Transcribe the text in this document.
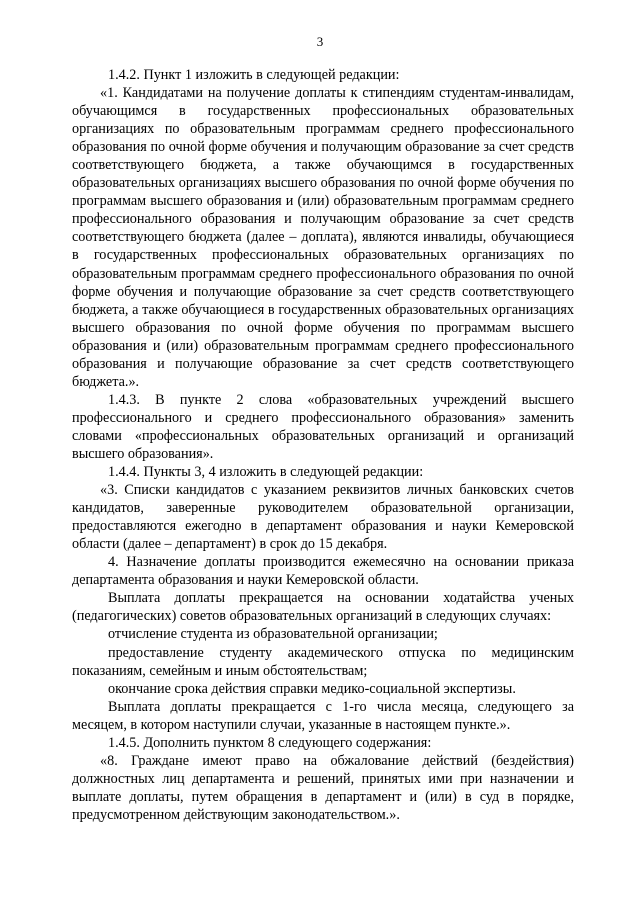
3

1.4.2. Пункт 1 изложить в следующей редакции:

«1. Кандидатами на получение доплаты к стипендиям студентам-инвалидам, обучающимся в государственных профессиональных образовательных организациях по образовательным программам среднего профессионального образования по очной форме обучения и получающим образование за счет средств соответствующего бюджета, а также обучающимся в государственных образовательных организациях высшего образования по очной форме обучения по программам высшего образования и (или) образовательным программам среднего профессионального образования и получающим образование за счет средств соответствующего бюджета (далее – доплата), являются инвалиды, обучающиеся в государственных профессиональных образовательных организациях по образовательным программам среднего профессионального образования по очной форме обучения и получающие образование за счет средств соответствующего бюджета, а также обучающиеся в государственных образовательных организациях высшего образования по очной форме обучения по программам высшего образования и (или) образовательным программам среднего профессионального образования и получающие образование за счет средств соответствующего бюджета.».

1.4.3. В пункте 2 слова «образовательных учреждений высшего профессионального и среднего профессионального образования» заменить словами «профессиональных образовательных организаций и организаций высшего образования».

1.4.4. Пункты 3, 4 изложить в следующей редакции:

«3. Списки кандидатов с указанием реквизитов личных банковских счетов кандидатов, заверенные руководителем образовательной организации, предоставляются ежегодно в департамент образования и науки Кемеровской области (далее – департамент) в срок до 15 декабря.

4. Назначение доплаты производится ежемесячно на основании приказа департамента образования и науки Кемеровской области.

Выплата доплаты прекращается на основании ходатайства ученых (педагогических) советов образовательных организаций в следующих случаях:

отчисление студента из образовательной организации;

предоставление студенту академического отпуска по медицинским показаниям, семейным и иным обстоятельствам;

окончание срока действия справки медико-социальной экспертизы.

Выплата доплаты прекращается с 1-го числа месяца, следующего за месяцем, в котором наступили случаи, указанные в настоящем пункте.».

1.4.5. Дополнить пунктом 8 следующего содержания:

«8. Граждане имеют право на обжалование действий (бездействия) должностных лиц департамента и решений, принятых ими при назначении и выплате доплаты, путем обращения в департамент и (или) в суд в порядке, предусмотренном действующим законодательством.».
